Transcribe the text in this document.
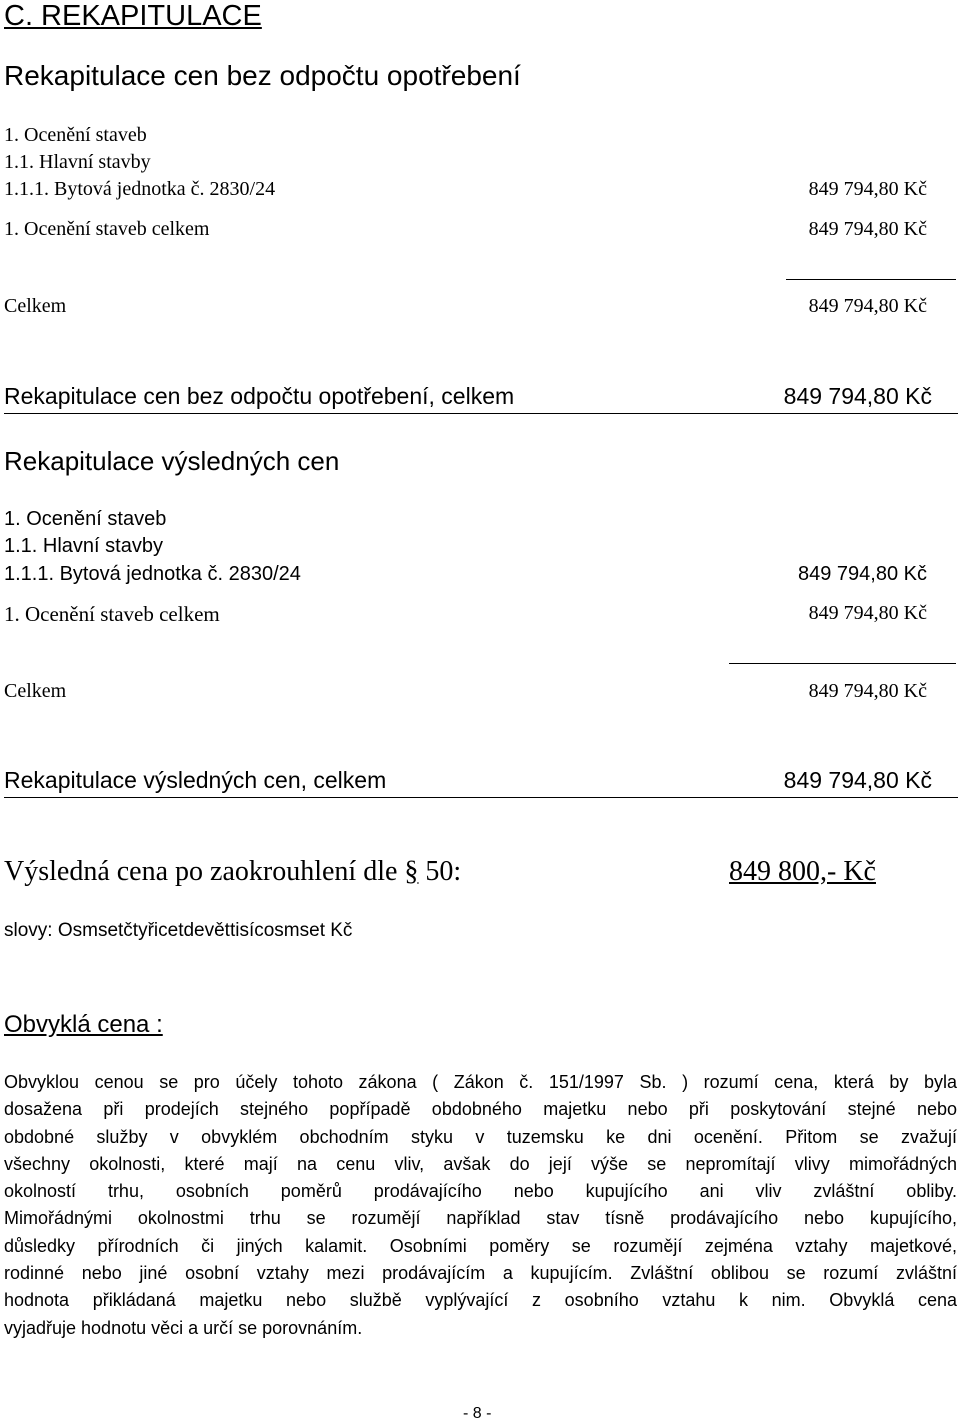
C. REKAPITULACE
Rekapitulace cen bez odpočtu opotřebení
1. Ocenění staveb
1.1. Hlavní stavby
1.1.1. Bytová jednotka č. 2830/24	849 794,80 Kč
1. Ocenění staveb celkem	849 794,80 Kč
Celkem	849 794,80 Kč
Rekapitulace cen bez odpočtu opotřebení, celkem	849 794,80 Kč
Rekapitulace výsledných cen
1. Ocenění staveb
1.1. Hlavní stavby
1.1.1. Bytová jednotka č. 2830/24	849 794,80 Kč
1. Ocenění staveb celkem	849 794,80 Kč
Celkem	849 794,80 Kč
Rekapitulace výsledných cen, celkem	849 794,80 Kč
Výsledná cena po zaokrouhlení dle § 50:	849 800,- Kč
slovy: Osmsetčtyřicetdevěttisícosmset Kč
Obvyklá cena :
Obvyklou cenou se pro účely tohoto zákona ( Zákon č. 151/1997 Sb. ) rozumí cena, která by byla
dosažena při prodejích stejného popřípadě obdobného majetku nebo při poskytování stejné nebo
obdobné služby v obvyklém obchodním styku v tuzemsku ke dni ocenění. Přitom se zvažují
všechny okolnosti, které mají na cenu vliv, avšak do její výše se nepromítají vlivy mimořádných
okolností trhu, osobních poměrů prodávajícího nebo kupujícího ani vliv zvláštní obliby.
Mimořádnými okolnostmi trhu se rozumějí například stav tísně prodávajícího nebo kupujícího,
důsledky přírodních či jiných kalamit. Osobními poměry se rozumějí zejména vztahy majetkové,
rodinné nebo jiné osobní vztahy mezi prodávajícím a kupujícím. Zvláštní oblibou se rozumí zvláštní
hodnota přikládaná majetku nebo službě vyplývající z osobního vztahu k nim. Obvyklá cena
vyjadřuje hodnotu věci a určí se porovnáním.
- 8 -
